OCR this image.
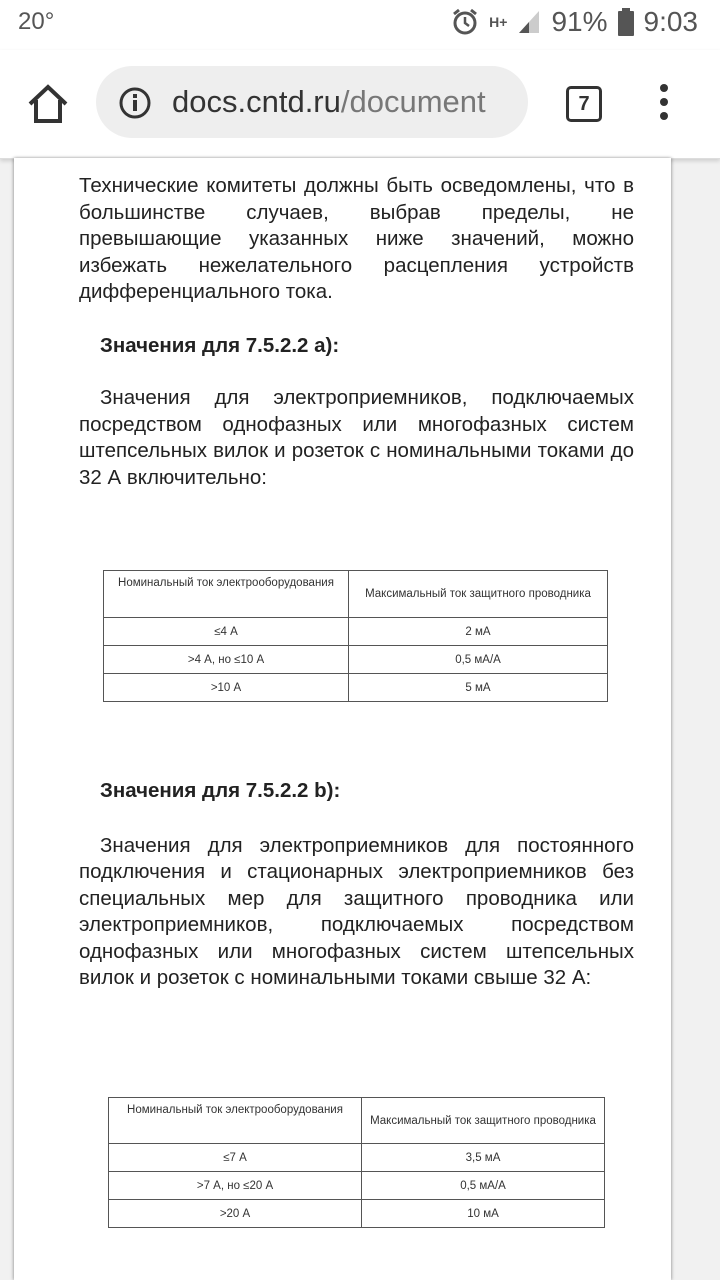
20°	H+ 91% 9:03
docs.cntd.ru/document	7

Технические комитеты должны быть осведомлены, что в большинстве случаев, выбрав пределы, не превышающие указанных ниже значений, можно избежать нежелательного расцепления устройств дифференциального тока.

Значения для 7.5.2.2 a):

Значения для электроприемников, подключаемых посредством однофазных или многофазных систем штепсельных вилок и розеток с номинальными токами до 32 А включительно:

Номинальный ток электрооборудования	Максимальный ток защитного проводника
≤4 А	2 мА
>4 А, но ≤10 А	0,5 мА/А
>10 А	5 мА

Значения для 7.5.2.2 b):

Значения для электроприемников для постоянного подключения и стационарных электроприемников без специальных мер для защитного проводника или электроприемников, подключаемых посредством однофазных или многофазных систем штепсельных вилок и розеток с номинальными токами свыше 32 А:

Номинальный ток электрооборудования	Максимальный ток защитного проводника
≤7 А	3,5 мА
>7 А, но ≤20 А	0,5 мА/А
>20 А	10 мА
